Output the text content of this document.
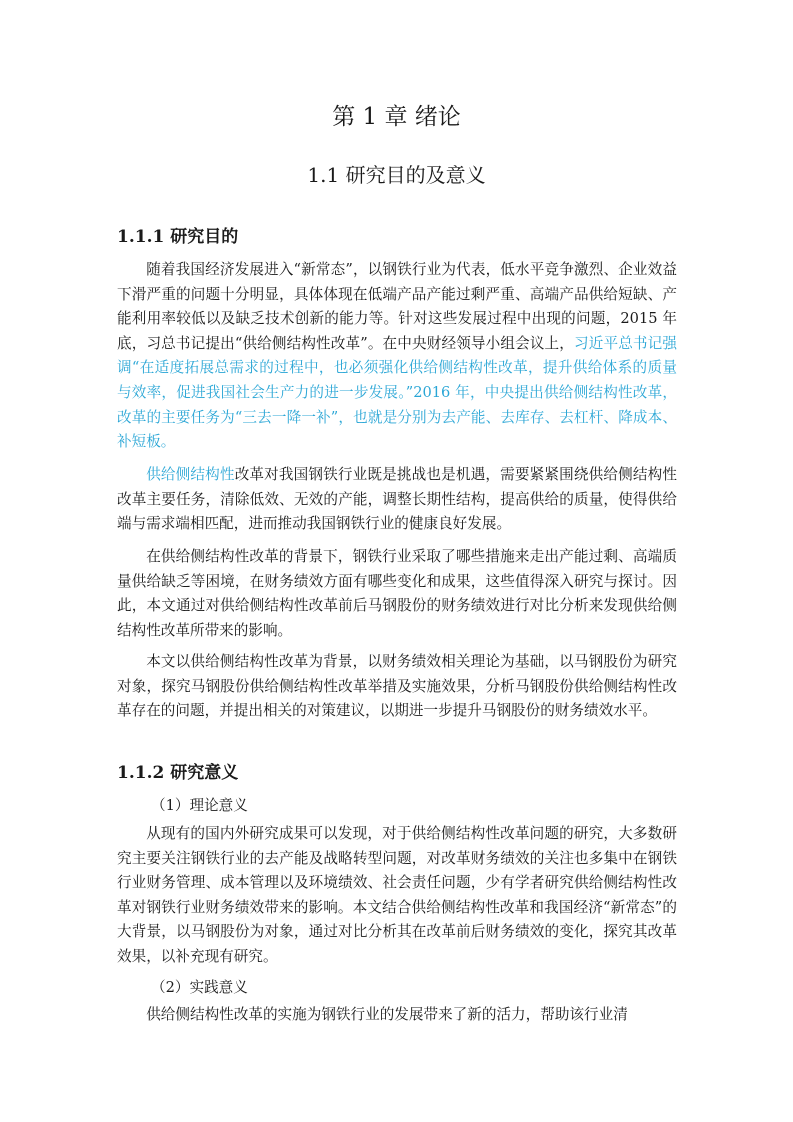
第 1 章 绪论
1.1 研究目的及意义
1.1.1 研究目的

随着我国经济发展进入“新常态”，以钢铁行业为代表，低水平竞争激烈、企业效益下滑严重的问题十分明显，具体体现在低端产品产能过剩严重、高端产品供给短缺、产能利用率较低以及缺乏技术创新的能力等。针对这些发展过程中出现的问题，2015 年底，习总书记提出“供给侧结构性改革”。在中央财经领导小组会议上，习近平总书记强调“在适度拓展总需求的过程中，也必须强化供给侧结构性改革，提升供给体系的质量与效率，促进我国社会生产力的进一步发展。”2016 年，中央提出供给侧结构性改革，改革的主要任务为“三去一降一补”，也就是分别为去产能、去库存、去杠杆、降成本、补短板。

供给侧结构性改革对我国钢铁行业既是挑战也是机遇，需要紧紧围绕供给侧结构性改革主要任务，清除低效、无效的产能，调整长期性结构，提高供给的质量，使得供给端与需求端相匹配，进而推动我国钢铁行业的健康良好发展。

在供给侧结构性改革的背景下，钢铁行业采取了哪些措施来走出产能过剩、高端质量供给缺乏等困境，在财务绩效方面有哪些变化和成果，这些值得深入研究与探讨。因此，本文通过对供给侧结构性改革前后马钢股份的财务绩效进行对比分析来发现供给侧结构性改革所带来的影响。

本文以供给侧结构性改革为背景，以财务绩效相关理论为基础，以马钢股份为研究对象，探究马钢股份供给侧结构性改革举措及实施效果，分析马钢股份供给侧结构性改革存在的问题，并提出相关的对策建议，以期进一步提升马钢股份的财务绩效水平。

1.1.2 研究意义
（1）理论意义

从现有的国内外研究成果可以发现，对于供给侧结构性改革问题的研究，大多数研究主要关注钢铁行业的去产能及战略转型问题，对改革财务绩效的关注也多集中在钢铁行业财务管理、成本管理以及环境绩效、社会责任问题，少有学者研究供给侧结构性改革对钢铁行业财务绩效带来的影响。本文结合供给侧结构性改革和我国经济“新常态”的大背景，以马钢股份为对象，通过对比分析其在改革前后财务绩效的变化，探究其改革效果，以补充现有研究。

（2）实践意义

供给侧结构性改革的实施为钢铁行业的发展带来了新的活力，帮助该行业清
